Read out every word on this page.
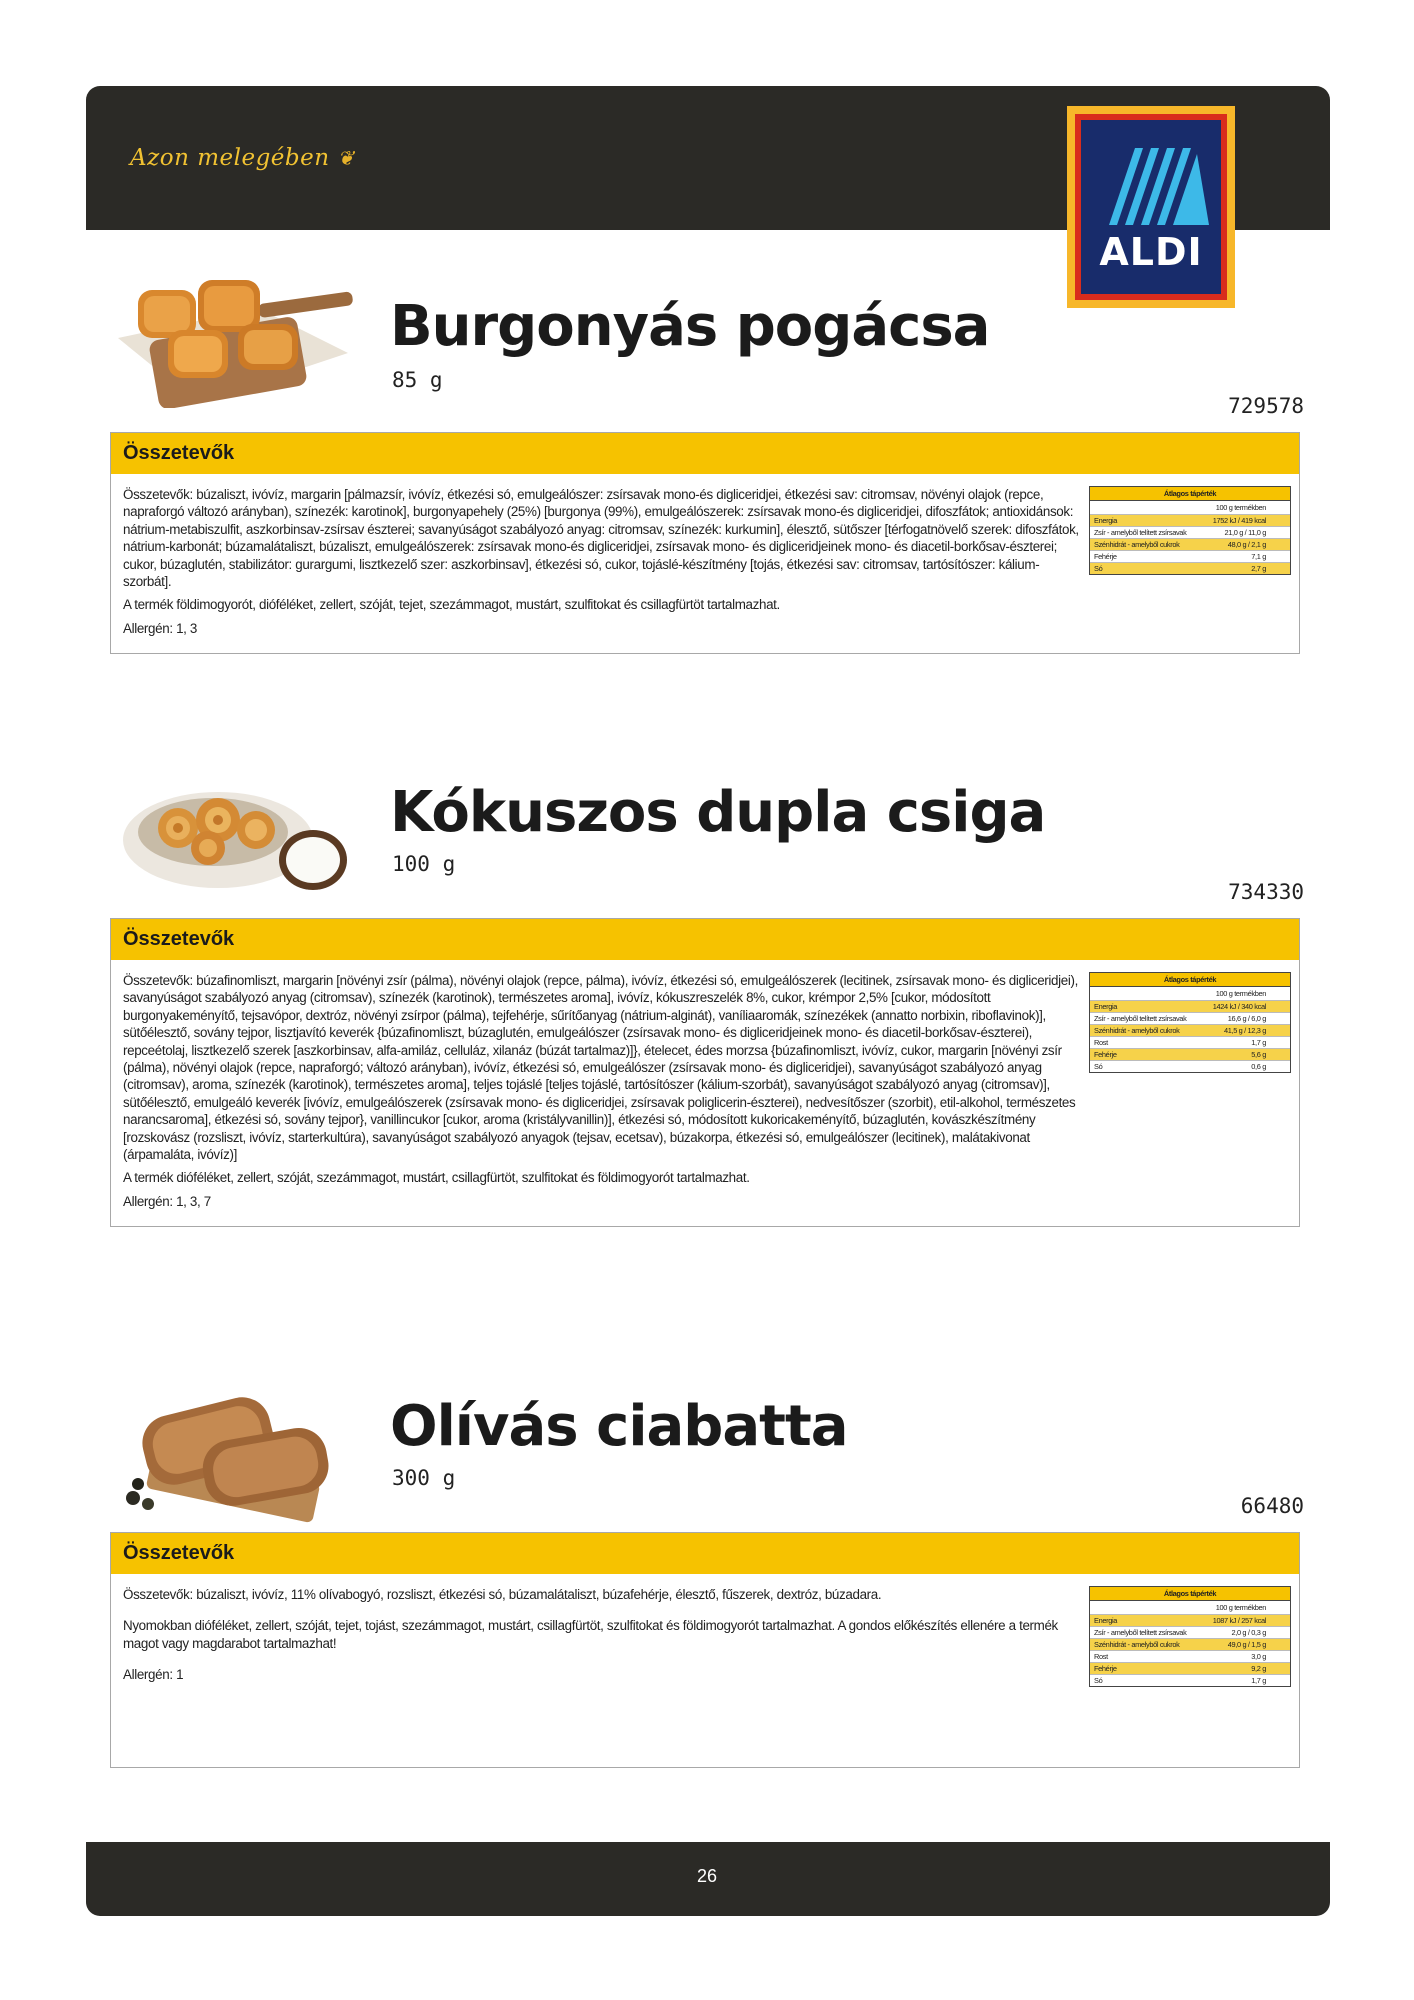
Azon melegében ❦
ALDI
Burgonyás pogácsa
85 g
729578
Összetevők

Összetevők: búzaliszt, ivóvíz, margarin [pálmazsír, ivóvíz, étkezési só, emulgeálószer: zsírsavak mono-és digliceridjei, étkezési sav: citromsav, növényi olajok (repce, napraforgó változó arányban), színezék: karotinok], burgonyapehely (25%) [burgonya (99%), emulgeálószerek: zsírsavak mono-és digliceridjei, difoszfátok; antioxidánsok: nátrium-metabiszulfit, aszkorbinsav-zsírsav észterei; savanyúságot szabályozó anyag: citromsav, színezék: kurkumin], élesztő, sütőszer [térfogatnövelő szerek: difoszfátok, nátrium-karbonát; búzamalátaliszt, búzaliszt, emulgeálószerek: zsírsavak mono-és digliceridjei, zsírsavak mono- és digliceridjeinek mono- és diacetil-borkősav-észterei; cukor, búzaglutén, stabilizátor: gurargumi, lisztkezelő szer: aszkorbinsav], étkezési só, cukor, tojáslé-készítmény [tojás, étkezési sav: citromsav, tartósítószer: kálium-szorbát].

A termék földimogyorót, dióféléket, zellert, szóját, tejet, szezámmagot, mustárt, szulfitokat és csillagfürtöt tartalmazhat.

Allergén: 1, 3

Átlagos tápérték
100 g termékben
Energia	1752 kJ / 419 kcal
Zsír - amelyből telített zsírsavak	21,0 g / 11,0 g
Szénhidrát - amelyből cukrok	48,0 g / 2,1 g
Fehérje	7,1 g
Só	2,7 g
Kókuszos dupla csiga
100 g
734330
Összetevők

Összetevők: búzafinomliszt, margarin [növényi zsír (pálma), növényi olajok (repce, pálma), ivóvíz, étkezési só, emulgeálószerek (lecitinek, zsírsavak mono- és digliceridjei), savanyúságot szabályozó anyag (citromsav), színezék (karotinok), természetes aroma], ivóvíz, kókuszreszelék 8%, cukor, krémpor 2,5% [cukor, módosított burgonyakeményítő, tejsavópor, dextróz, növényi zsírpor (pálma), tejfehérje, sűrítőanyag (nátrium-alginát), vaníliaaromák, színezékek (annatto norbixin, riboflavinok)], sütőélesztő, sovány tejpor, lisztjavító keverék {búzafinomliszt, búzaglutén, emulgeálószer (zsírsavak mono- és digliceridjeinek mono- és diacetil-borkősav-észterei), repceétolaj, lisztkezelő szerek [aszkorbinsav, alfa-amiláz, celluláz, xilanáz (búzát tartalmaz)]}, ételecet, édes morzsa {búzafinomliszt, ivóvíz, cukor, margarin [növényi zsír (pálma), növényi olajok (repce, napraforgó; változó arányban), ivóvíz, étkezési só, emulgeálószer (zsírsavak mono- és digliceridjei), savanyúságot szabályozó anyag (citromsav), aroma, színezék (karotinok), természetes aroma], teljes tojáslé [teljes tojáslé, tartósítószer (kálium-szorbát), savanyúságot szabályozó anyag (citromsav)], sütőélesztő, emulgeáló keverék [ivóvíz, emulgeálószerek (zsírsavak mono- és digliceridjei, zsírsavak poliglicerin-észterei), nedvesítőszer (szorbit), etil-alkohol, természetes narancsaroma], étkezési só, sovány tejpor}, vanillincukor [cukor, aroma (kristályvanillin)], étkezési só, módosított kukoricakeményítő, búzaglutén, kovászkészítmény [rozskovász (rozsliszt, ivóvíz, starterkultúra), savanyúságot szabályozó anyagok (tejsav, ecetsav), búzakorpa, étkezési só, emulgeálószer (lecitinek), malátakivonat (árpamaláta, ivóvíz)]

A termék dióféléket, zellert, szóját, szezámmagot, mustárt, csillagfürtöt, szulfitokat és földimogyorót tartalmazhat.

Allergén: 1, 3, 7

Átlagos tápérték
100 g termékben
Energia	1424 kJ / 340 kcal
Zsír - amelyből telített zsírsavak	16,6 g / 6,0 g
Szénhidrát - amelyből cukrok	41,5 g / 12,3 g
Rost	1,7 g
Fehérje	5,6 g
Só	0,6 g
Olívás ciabatta
300 g
66480
Összetevők

Összetevők: búzaliszt, ivóvíz, 11% olívabogyó, rozsliszt, étkezési só, búzamalátaliszt, búzafehérje, élesztő, fűszerek, dextróz, búzadara.

Nyomokban dióféléket, zellert, szóját, tejet, tojást, szezámmagot, mustárt, csillagfürtöt, szulfitokat és földimogyorót tartalmazhat. A gondos előkészítés ellenére a termék magot vagy magdarabot tartalmazhat!

Allergén: 1

Átlagos tápérték
100 g termékben
Energia	1087 kJ / 257 kcal
Zsír - amelyből telített zsírsavak	2,0 g / 0,3 g
Szénhidrát - amelyből cukrok	49,0 g / 1,5 g
Rost	3,0 g
Fehérje	9,2 g
Só	1,7 g
26
